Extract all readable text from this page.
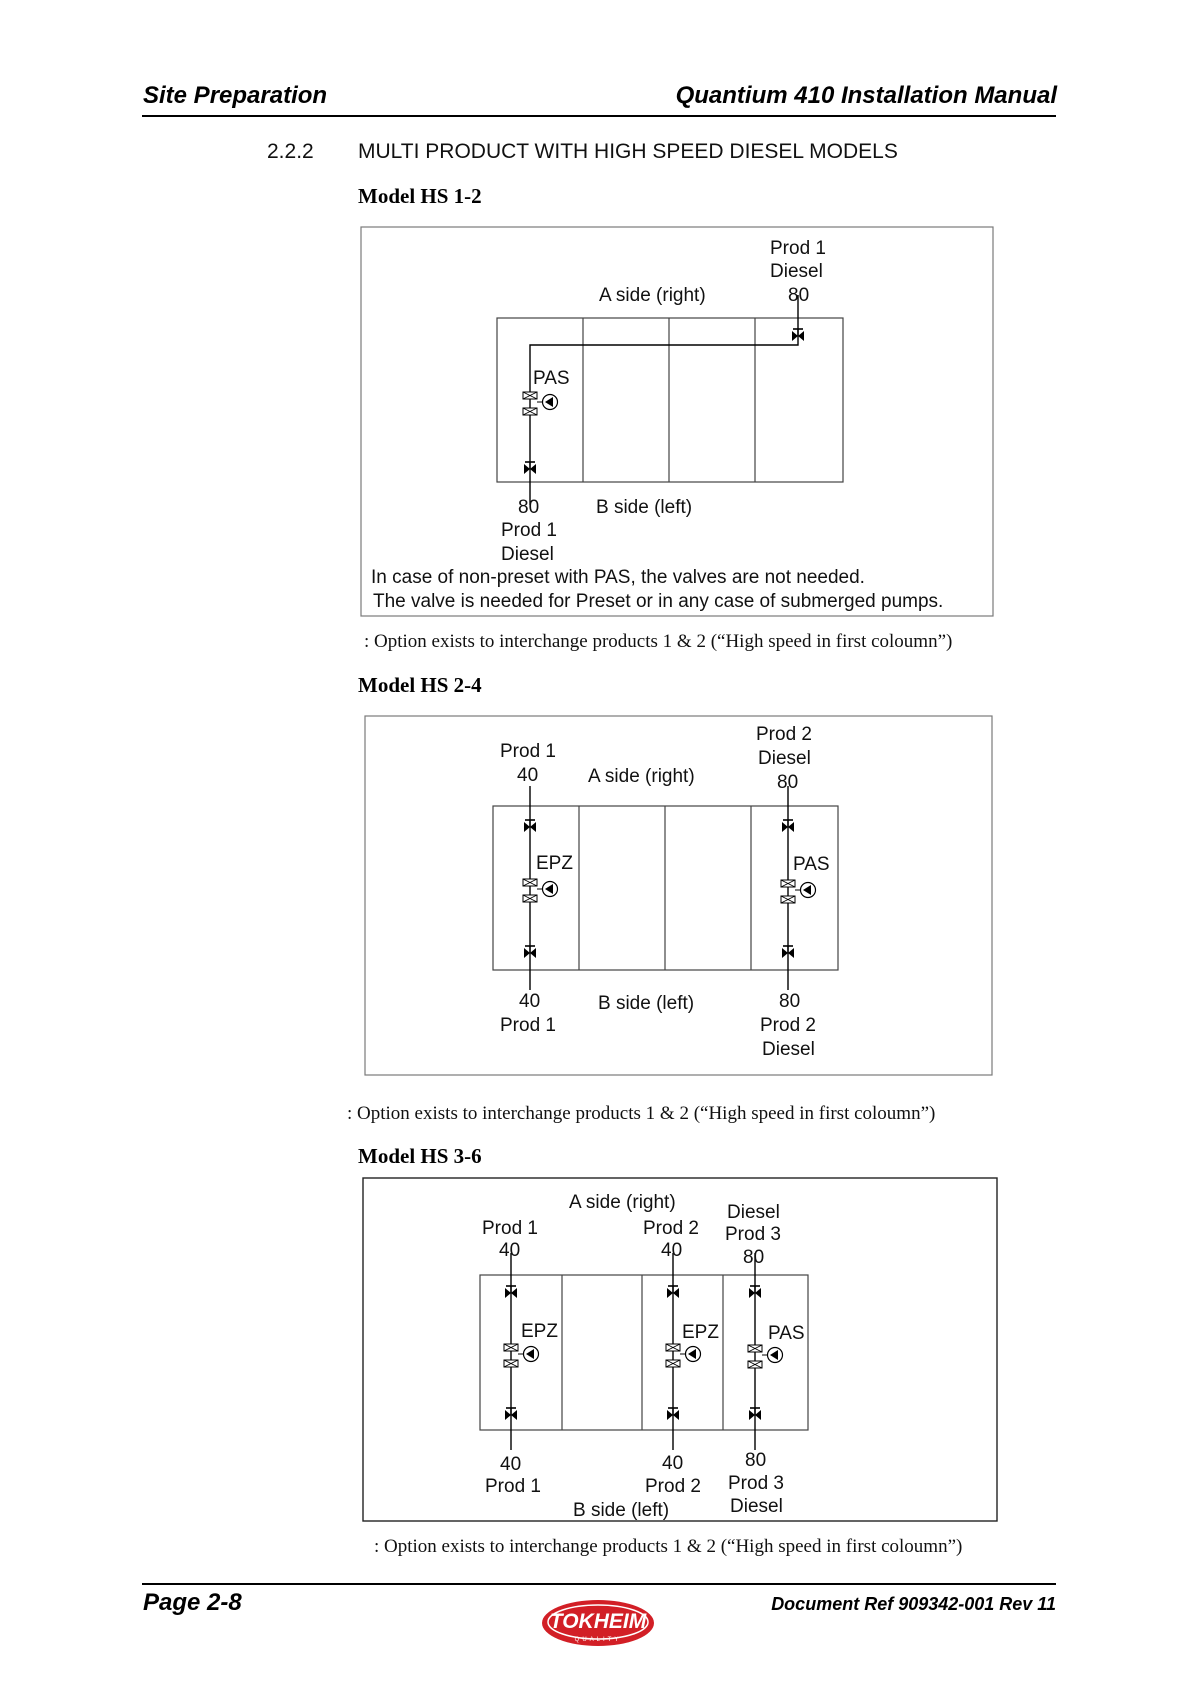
Site Preparation	Quantium 410 Installation Manual
2.2.2 MULTI PRODUCT WITH HIGH SPEED DIESEL MODELS
Model HS 1-2
Prod 1
Diesel
80
A side (right)
PAS
80	B side (left)
Prod 1
Diesel
In case of non-preset with PAS, the valves are not needed.
The valve is needed for Preset or in any case of submerged pumps.
: Option exists to interchange products 1 & 2 (“High speed in first coloumn”)
Model HS 2-4
Prod 1
40	A side (right)
Prod 2
Diesel
80
EPZ	PAS
40
Prod 1
B side (left)	80
Prod 2
Diesel
: Option exists to interchange products 1 & 2 (“High speed in first coloumn”)
Model HS 3-6
A side (right)
Prod 1
40
Prod 2
40
Diesel
Prod 3
80
EPZ	EPZ	PAS
40
Prod 1
40
Prod 2
80
Prod 3
Diesel
B side (left)
: Option exists to interchange products 1 & 2 (“High speed in first coloumn”)
Page 2-8	Document Ref 909342-001 Rev 11
TOKHEIM
QUALITY
